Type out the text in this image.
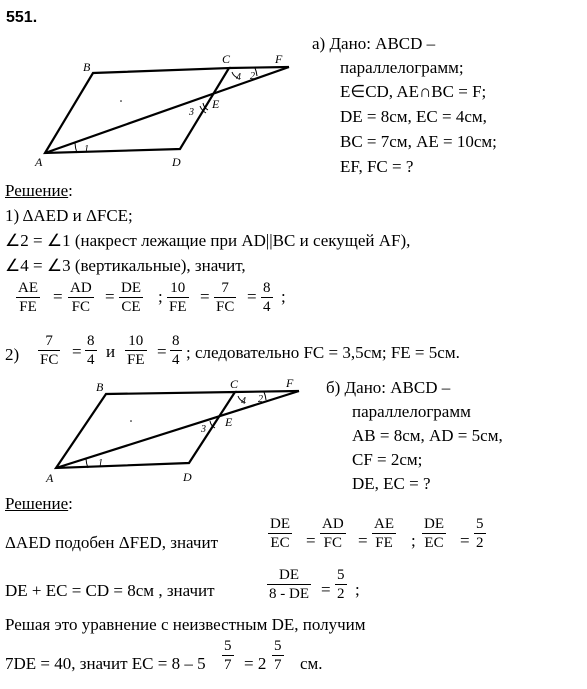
551.
B
C	F
A	D
E
1
2
3
4
B	C	F
A	D
E
1
2
3
4
а) Дано: ABCD –
параллелограмм;
E∈CD, AE∩BC = F;
DE = 8см, EC = 4см,
BC = 7см, AE = 10см;
EF, FC = ?
Решение:
1) ΔAED и ΔFCE;
∠2 = ∠1 (накрест лежащие при AD||BC и секущей AF),
∠4 = ∠3 (вертикальные), значит,
$\frac{AE}{FE} = \frac{AD}{FC} = \frac{DE}{CE}$ ; $\frac{10}{FE} = \frac{7}{FC} = \frac{8}{4}$ ;
$2) \frac{7}{FC} = \frac{8}{4}$ и $\frac{10}{FE} = \frac{8}{4}$ ; следовательно FC = 3,5см; FE = 5см.
б) Дано: ABCD –
параллелограмм
AB = 8см, AD = 5см,
CF = 2см;
DE, EC = ?
Решение:
ΔAED подобен ΔFED, значит	$\frac{DE}{EC} = \frac{AD}{FC} = \frac{AE}{FE}$ ; $\frac{DE}{EC} = \frac{5}{2}$
DE + EC = CD = 8см , значит	$\frac{DE}{8 - DE} = \frac{5}{2}$ ;
Решая это уравнение с неизвестным DE, получим
7DE = 40, значит EC = $8 - 5 \frac{5}{7} = 2 \frac{5}{7}$ см.
